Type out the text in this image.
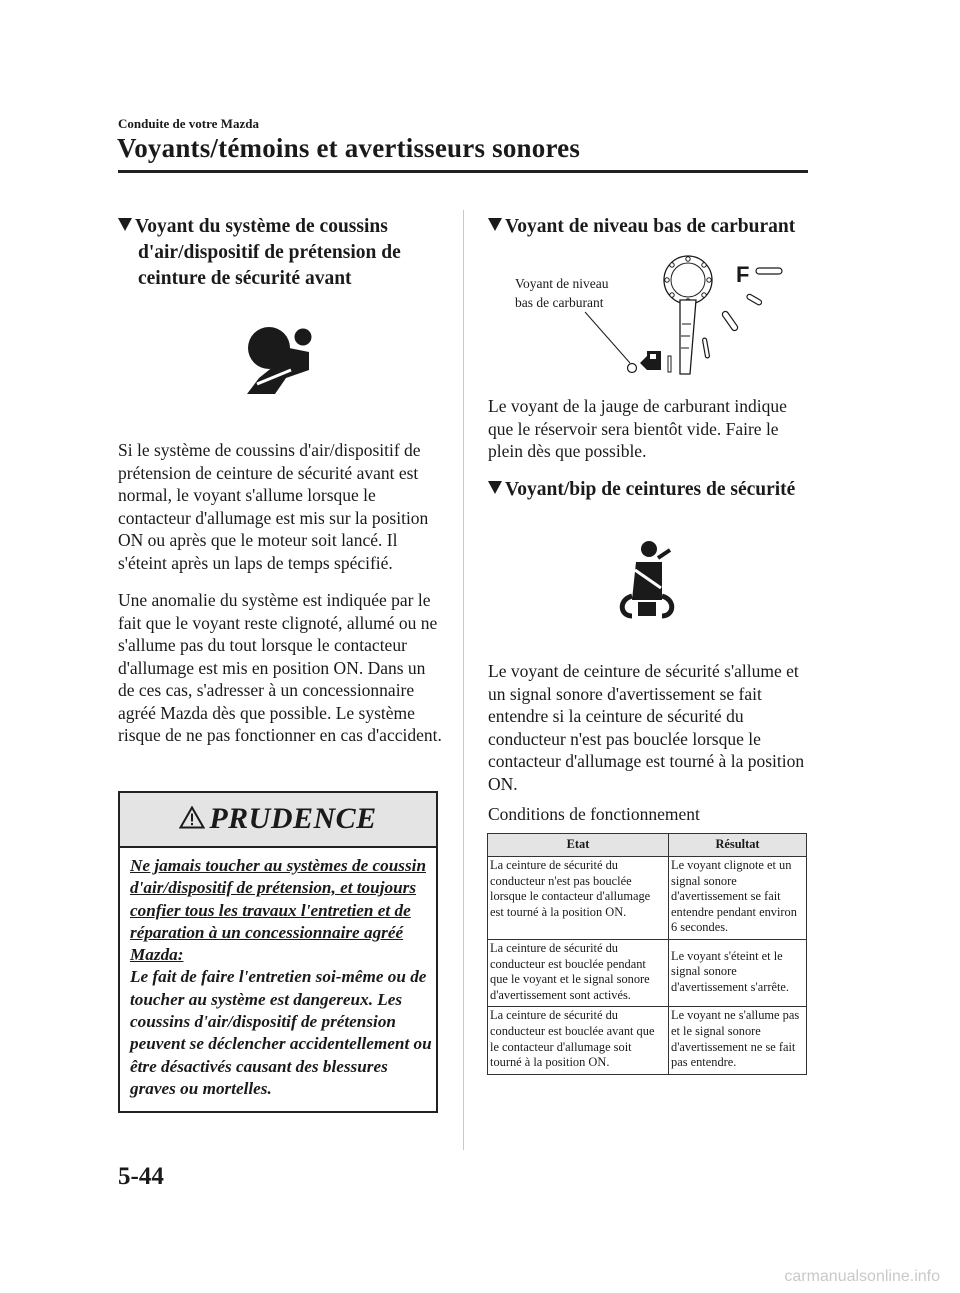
Conduite de votre Mazda
Voyants/témoins et avertisseurs sonores
Voyant du système de coussins
d'air/dispositif de prétension de
ceinture de sécurité avant

Si le système de coussins d'air/dispositif de prétension de ceinture de sécurité avant est normal, le voyant s'allume lorsque le contacteur d'allumage est mis sur la position ON ou après que le moteur soit lancé. Il s'éteint après un laps de temps spécifié.

Une anomalie du système est indiquée par le fait que le voyant reste clignoté, allumé ou ne s'allume pas du tout lorsque le contacteur d'allumage est mis en position ON. Dans un de ces cas, s'adresser à un concessionnaire agréé Mazda dès que possible. Le système risque de ne pas fonctionner en cas d'accident.

PRUDENCE
Ne jamais toucher au systèmes de coussin d'air/dispositif de prétension, et toujours confier tous les travaux l'entretien et de réparation à un concessionnaire agréé Mazda:
Le fait de faire l'entretien soi-même ou de toucher au système est dangereux. Les coussins d'air/dispositif de prétension peuvent se déclencher accidentellement ou être désactivés causant des blessures graves ou mortelles.
Voyant de niveau bas de carburant
Voyant de niveau
bas de carburant
F
Le voyant de la jauge de carburant indique que le réservoir sera bientôt vide. Faire le plein dès que possible.
Voyant/bip de ceintures de sécurité
Le voyant de ceinture de sécurité s'allume et un signal sonore d'avertissement se fait entendre si la ceinture de sécurité du conducteur n'est pas bouclée lorsque le contacteur d'allumage est tourné à la position ON.
Conditions de fonctionnement
Etat	Résultat
La ceinture de sécurité du conducteur n'est pas bouclée lorsque le contacteur d'allumage est tourné à la position ON.	Le voyant clignote et un signal sonore d'avertissement se fait entendre pendant environ 6 secondes.
La ceinture de sécurité du conducteur est bouclée pendant que le voyant et le signal sonore d'avertissement sont activés.	Le voyant s'éteint et le signal sonore d'avertissement s'arrête.
La ceinture de sécurité du conducteur est bouclée avant que le contacteur d'allumage soit tourné à la position ON.	Le voyant ne s'allume pas et le signal sonore d'avertissement ne se fait pas entendre.
5-44
carmanualsonline.info
